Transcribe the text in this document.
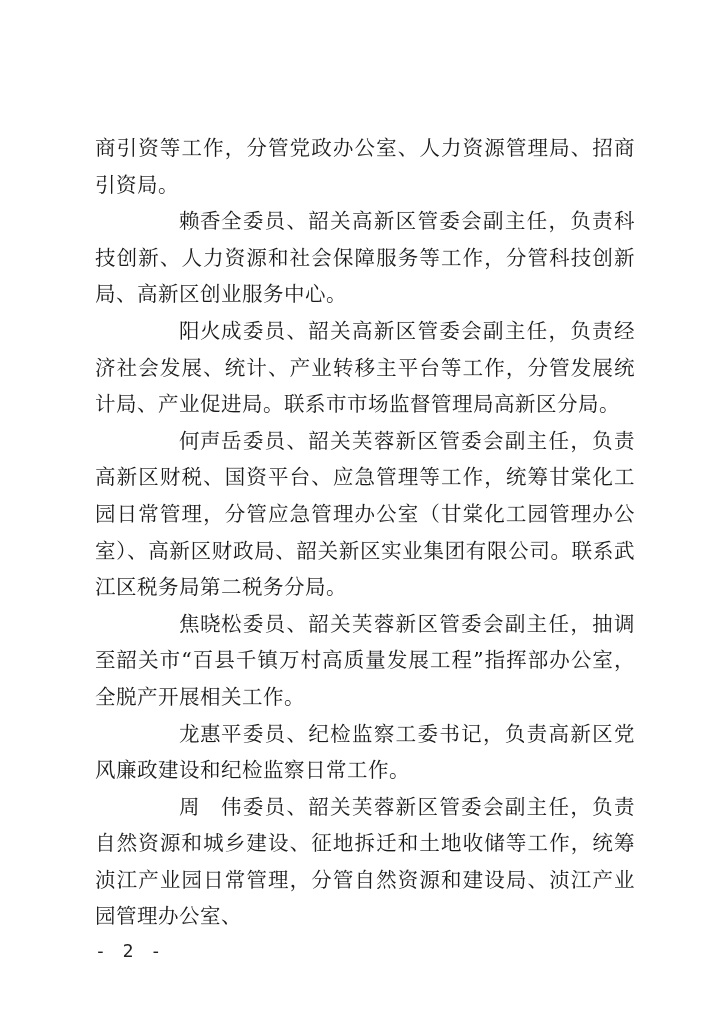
商引资等工作，分管党政办公室、人力资源管理局、招商引资局。

赖香全委员、韶关高新区管委会副主任，负责科技创新、人力资源和社会保障服务等工作，分管科技创新局、高新区创业服务中心。

阳火成委员、韶关高新区管委会副主任，负责经济社会发展、统计、产业转移主平台等工作，分管发展统计局、产业促进局。联系市市场监督管理局高新区分局。

何声岳委员、韶关芙蓉新区管委会副主任，负责高新区财税、国资平台、应急管理等工作，统筹甘棠化工园日常管理，分管应急管理办公室（甘棠化工园管理办公室）、高新区财政局、韶关新区实业集团有限公司。联系武江区税务局第二税务分局。

焦晓松委员、韶关芙蓉新区管委会副主任，抽调至韶关市“百县千镇万村高质量发展工程”指挥部办公室，全脱产开展相关工作。

龙惠平委员、纪检监察工委书记，负责高新区党风廉政建设和纪检监察日常工作。

周　伟委员、韶关芙蓉新区管委会副主任，负责自然资源和城乡建设、征地拆迁和土地收储等工作，统筹浈江产业园日常管理，分管自然资源和建设局、浈江产业园管理办公室、

- 2 -
